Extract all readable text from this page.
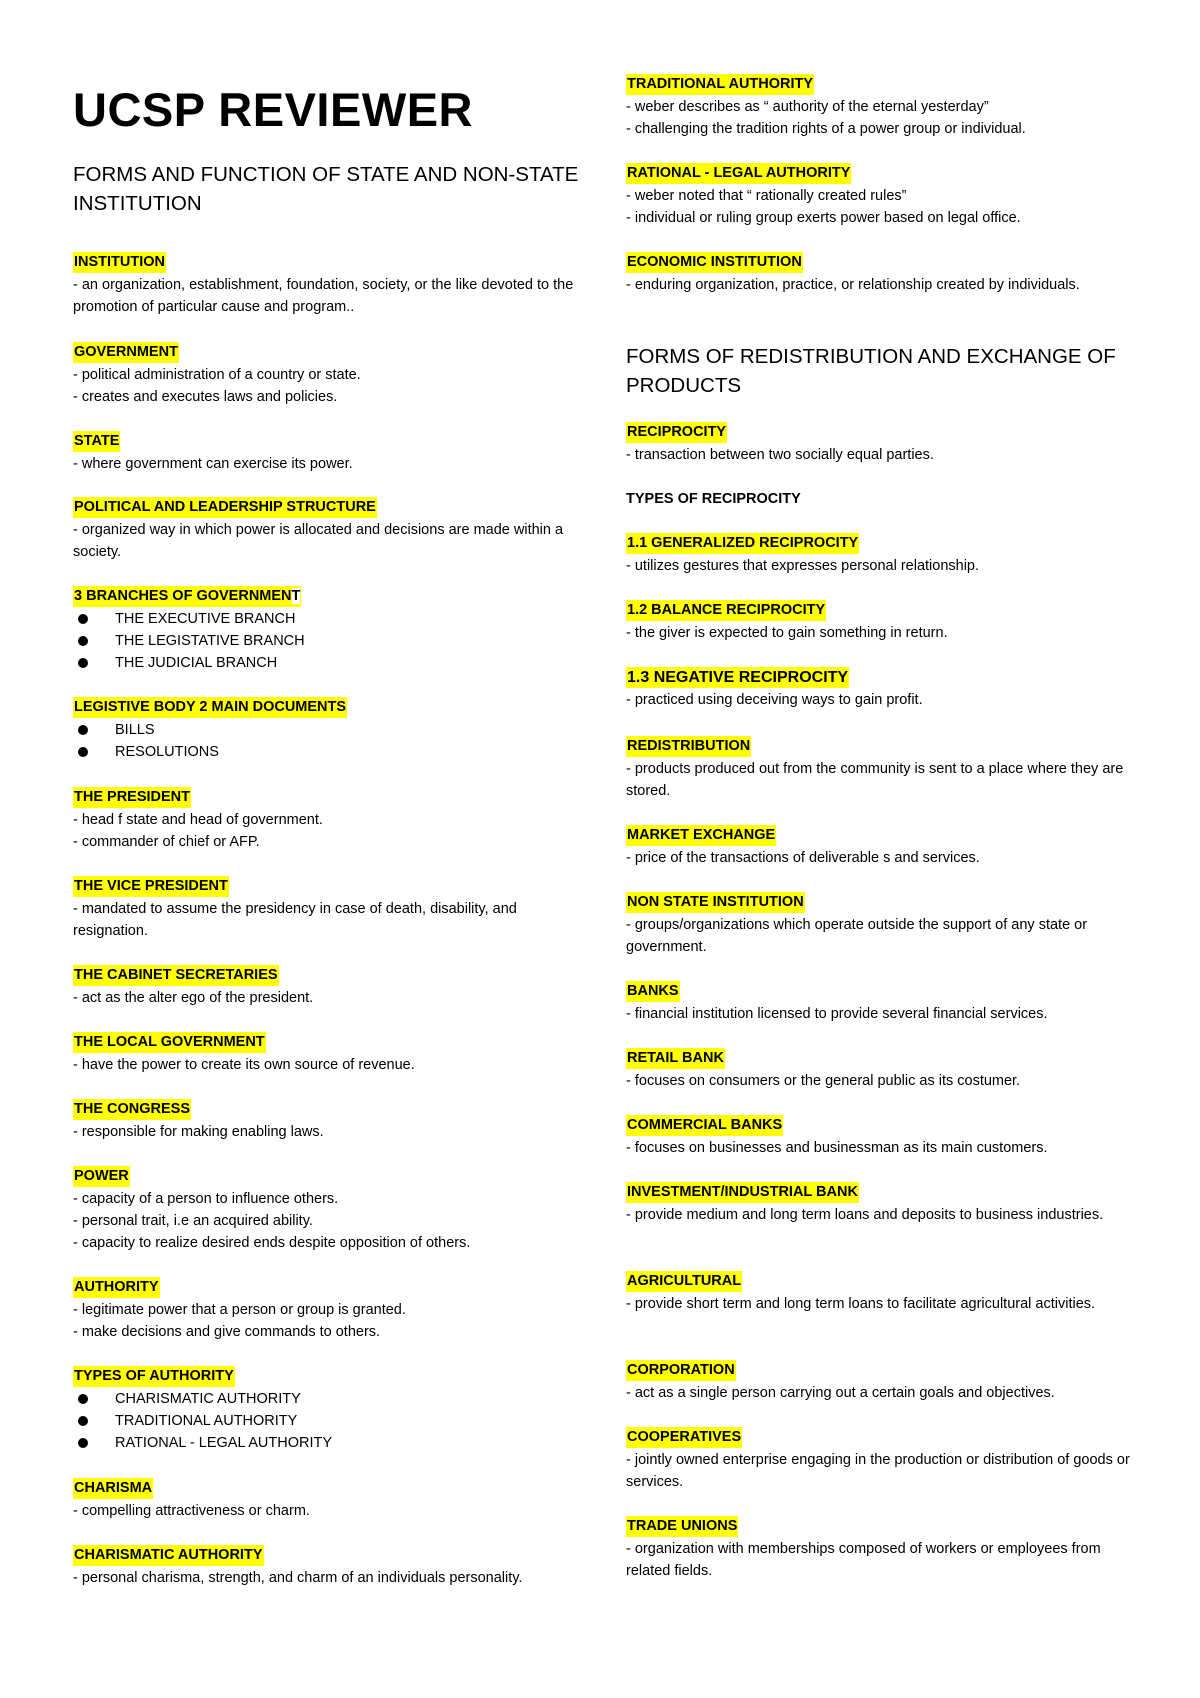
UCSP REVIEWER
FORMS AND FUNCTION OF STATE AND NON-STATE INSTITUTION
INSTITUTION
- an organization, establishment, foundation, society, or the like devoted to the promotion of particular cause and program..
GOVERNMENT
- political administration of a country or state.
- creates and executes laws and policies.
STATE
- where government can exercise its power.
POLITICAL AND LEADERSHIP STRUCTURE
- organized way in which power is allocated and decisions are made within a society.
3 BRANCHES OF GOVERNMENT
THE EXECUTIVE BRANCH
THE LEGISTATIVE BRANCH
THE JUDICIAL BRANCH
LEGISTIVE BODY 2 MAIN DOCUMENTS
BILLS
RESOLUTIONS
THE PRESIDENT
- head f state and head of government.
- commander of chief or AFP.
THE VICE PRESIDENT
- mandated to assume the presidency in case of death, disability, and resignation.
THE CABINET SECRETARIES
- act as the alter ego of the president.
THE LOCAL GOVERNMENT
- have the power to create its own source of revenue.
THE CONGRESS
- responsible for making enabling laws.
POWER
- capacity of a person to influence others.
- personal trait, i.e an acquired ability.
- capacity to realize desired ends despite opposition of others.
AUTHORITY
- legitimate power that a person or group is granted.
- make decisions and give commands to others.
TYPES OF AUTHORITY
CHARISMATIC AUTHORITY
TRADITIONAL AUTHORITY
RATIONAL - LEGAL AUTHORITY
CHARISMA
- compelling attractiveness or charm.
CHARISMATIC AUTHORITY
- personal charisma, strength, and charm of an individuals personality.
TRADITIONAL AUTHORITY
- weber describes as “ authority of the eternal yesterday”
- challenging the tradition rights of a power group or individual.
RATIONAL - LEGAL AUTHORITY
- weber noted that “ rationally created rules”
- individual or ruling group exerts power based on legal office.
ECONOMIC INSTITUTION
- enduring organization, practice, or relationship created by individuals.
FORMS OF REDISTRIBUTION AND EXCHANGE OF PRODUCTS
RECIPROCITY
- transaction between two socially equal parties.
TYPES OF RECIPROCITY
1.1 GENERALIZED RECIPROCITY
- utilizes gestures that expresses personal relationship.
1.2 BALANCE RECIPROCITY
- the giver is expected to gain something in return.
1.3 NEGATIVE RECIPROCITY
- practiced using deceiving ways to gain profit.
REDISTRIBUTION
- products produced out from the community is sent to a place where they are stored.
MARKET EXCHANGE
- price of the transactions of deliverable s and services.
NON STATE INSTITUTION
- groups/organizations which operate outside the support of any state or government.
BANKS
- financial institution licensed to provide several financial services.
RETAIL BANK
- focuses on consumers or the general public as its costumer.
COMMERCIAL BANKS
- focuses on businesses and businessman as its main customers.
INVESTMENT/INDUSTRIAL BANK
- provide medium and long term loans and deposits to business industries.
AGRICULTURAL
- provide short term and long term loans to facilitate agricultural activities.
CORPORATION
- act as a single person carrying out a certain goals and objectives.
COOPERATIVES
- jointly owned enterprise engaging in the production or distribution of goods or services.
TRADE UNIONS
- organization with memberships composed of workers or employees from related fields.
